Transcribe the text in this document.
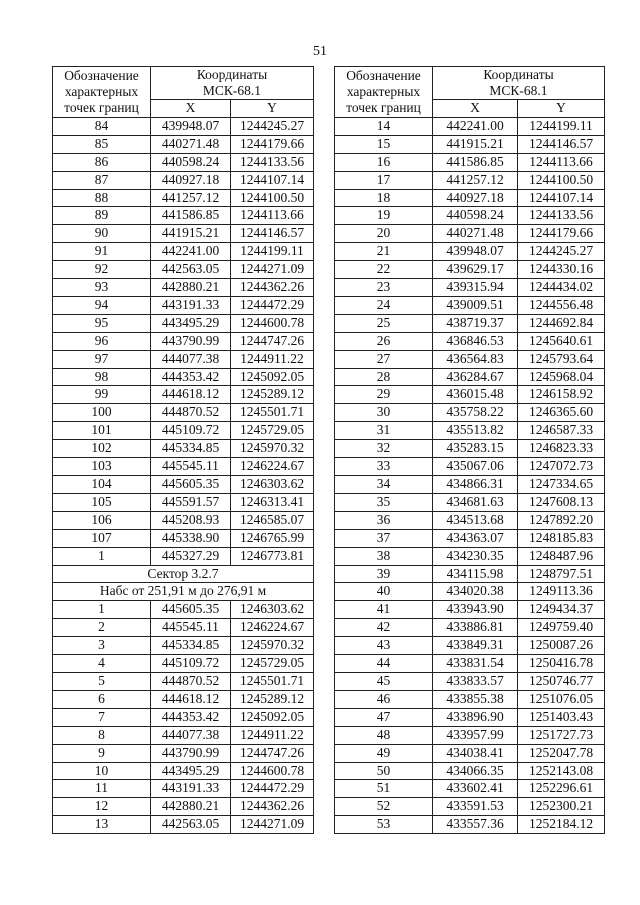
51
Обозначение
характерных
точек границ	Координаты
МСК-68.1	

	X	Y
84	439948.07	1244245.27
85	440271.48	1244179.66
86	440598.24	1244133.56
87	440927.18	1244107.14
88	441257.12	1244100.50
89	441586.85	1244113.66
90	441915.21	1244146.57
91	442241.00	1244199.11
92	442563.05	1244271.09
93	442880.21	1244362.26
94	443191.33	1244472.29
95	443495.29	1244600.78
96	443790.99	1244747.26
97	444077.38	1244911.22
98	444353.42	1245092.05
99	444618.12	1245289.12
100	444870.52	1245501.71
101	445109.72	1245729.05
102	445334.85	1245970.32
103	445545.11	1246224.67
104	445605.35	1246303.62
105	445591.57	1246313.41
106	445208.93	1246585.07
107	445338.90	1246765.99
1	445327.29	1246773.81
Сектор 3.2.7		
Набс от 251,91 м до 276,91 м		
1	445605.35	1246303.62
2	445545.11	1246224.67
3	445334.85	1245970.32
4	445109.72	1245729.05
5	444870.52	1245501.71
6	444618.12	1245289.12
7	444353.42	1245092.05
8	444077.38	1244911.22
9	443790.99	1244747.26
10	443495.29	1244600.78
11	443191.33	1244472.29
12	442880.21	1244362.26
13	442563.05	1244271.09
Обозначение
характерных
точек границ	Координаты
МСК-68.1	

	X	Y
14	442241.00	1244199.11
15	441915.21	1244146.57
16	441586.85	1244113.66
17	441257.12	1244100.50
18	440927.18	1244107.14
19	440598.24	1244133.56
20	440271.48	1244179.66
21	439948.07	1244245.27
22	439629.17	1244330.16
23	439315.94	1244434.02
24	439009.51	1244556.48
25	438719.37	1244692.84
26	436846.53	1245640.61
27	436564.83	1245793.64
28	436284.67	1245968.04
29	436015.48	1246158.92
30	435758.22	1246365.60
31	435513.82	1246587.33
32	435283.15	1246823.33
33	435067.06	1247072.73
34	434866.31	1247334.65
35	434681.63	1247608.13
36	434513.68	1247892.20
37	434363.07	1248185.83
38	434230.35	1248487.96
39	434115.98	1248797.51
40	434020.38	1249113.36
41	433943.90	1249434.37
42	433886.81	1249759.40
43	433849.31	1250087.26
44	433831.54	1250416.78
45	433833.57	1250746.77
46	433855.38	1251076.05
47	433896.90	1251403.43
48	433957.99	1251727.73
49	434038.41	1252047.78
50	434066.35	1252143.08
51	433602.41	1252296.61
52	433591.53	1252300.21
53	433557.36	1252184.12
